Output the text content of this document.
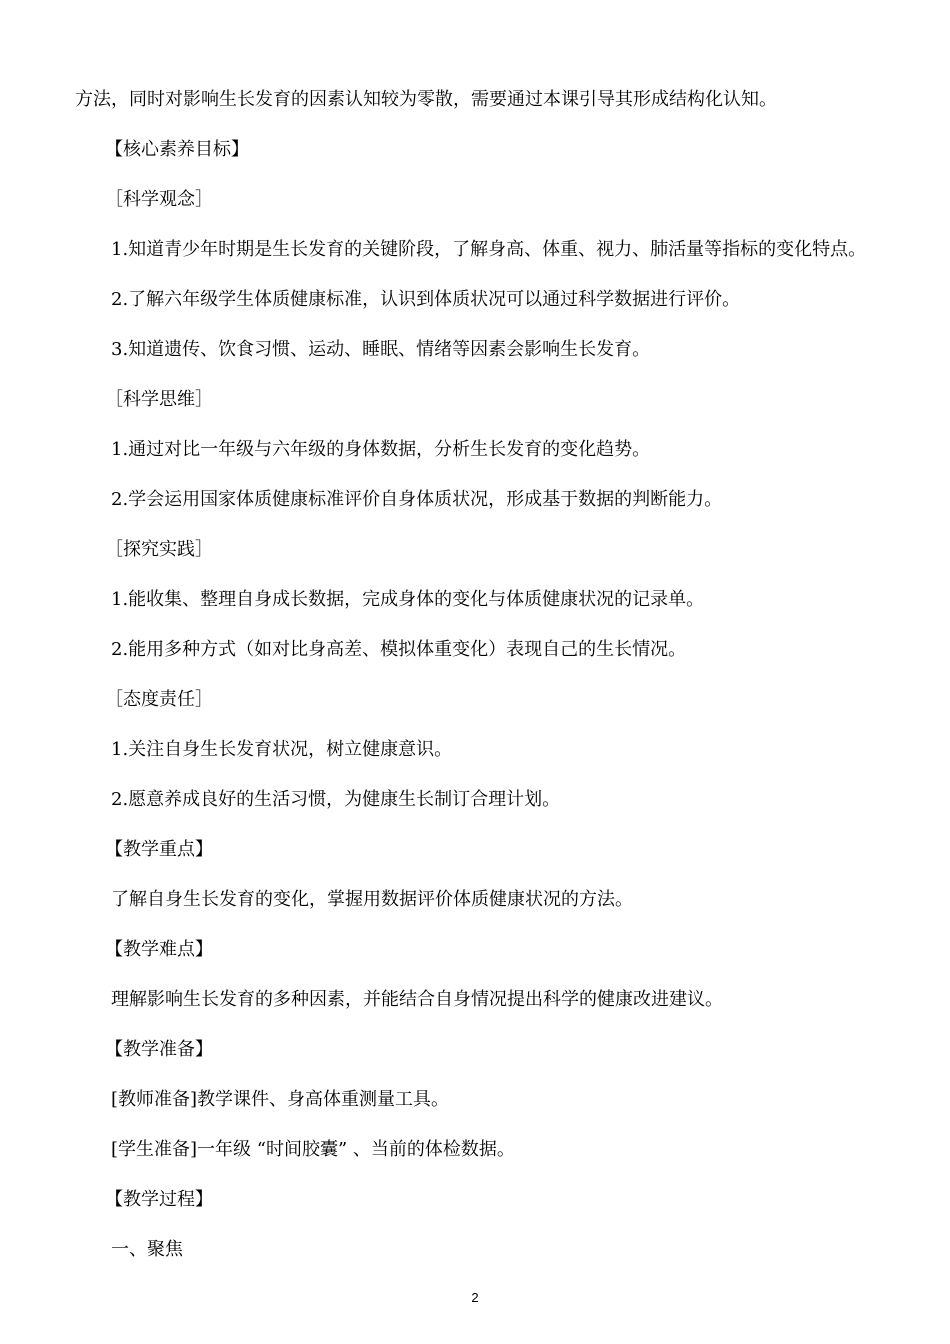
方法，同时对影响生长发育的因素认知较为零散，需要通过本课引导其形成结构化认知。
【核心素养目标】
［科学观念］
1.知道青少年时期是生长发育的关键阶段，了解身高、体重、视力、肺活量等指标的变化特点。
2.了解六年级学生体质健康标准，认识到体质状况可以通过科学数据进行评价。
3.知道遗传、饮食习惯、运动、睡眠、情绪等因素会影响生长发育。
［科学思维］
1.通过对比一年级与六年级的身体数据，分析生长发育的变化趋势。
2.学会运用国家体质健康标准评价自身体质状况，形成基于数据的判断能力。
［探究实践］
1.能收集、整理自身成长数据，完成身体的变化与体质健康状况的记录单。
2.能用多种方式（如对比身高差、模拟体重变化）表现自己的生长情况。
［态度责任］
1.关注自身生长发育状况，树立健康意识。
2.愿意养成良好的生活习惯，为健康生长制订合理计划。
【教学重点】
了解自身生长发育的变化，掌握用数据评价体质健康状况的方法。
【教学难点】
理解影响生长发育的多种因素，并能结合自身情况提出科学的健康改进建议。
【教学准备】
[教师准备]教学课件、身高体重测量工具。
[学生准备]一年级 “时间胶囊” 、当前的体检数据。
【教学过程】
一、聚焦
2
